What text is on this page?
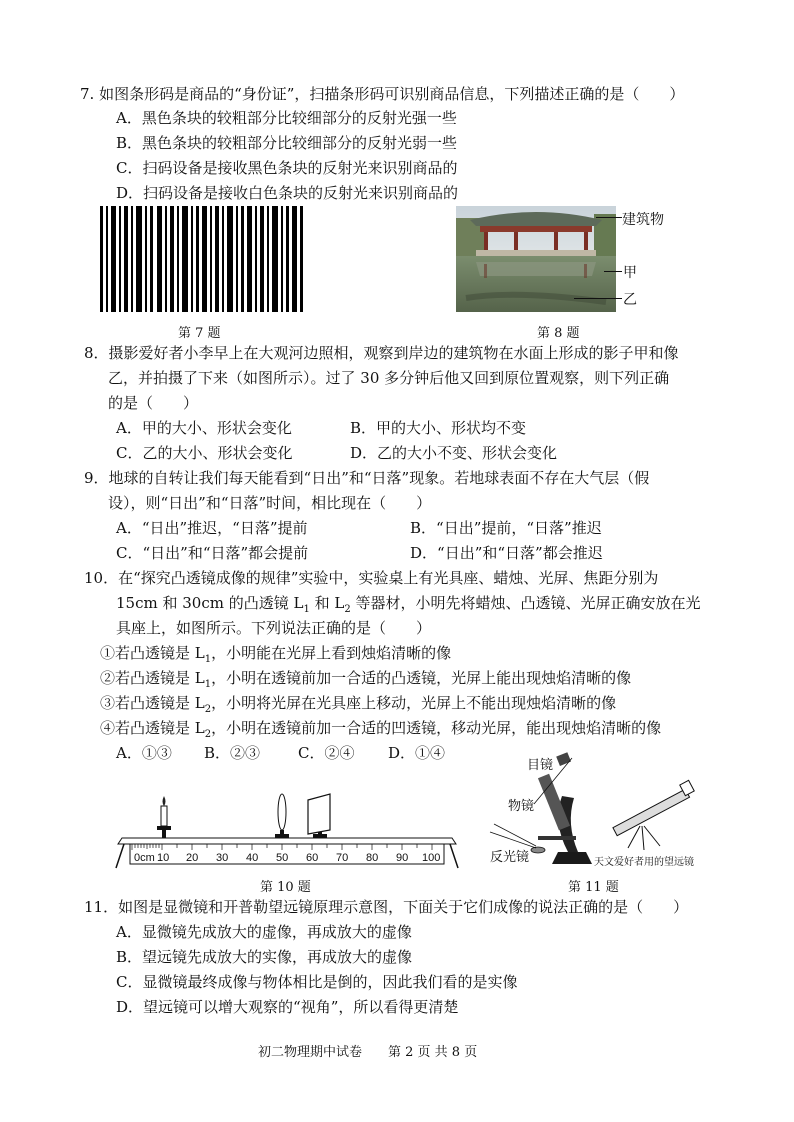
7. 如图条形码是商品的“身份证”，扫描条形码可识别商品信息，下列描述正确的是（　　）
A．黑色条块的较粗部分比较细部分的反射光强一些
B．黑色条块的较粗部分比较细部分的反射光弱一些
C．扫码设备是接收黑色条块的反射光来识别商品的
D．扫码设备是接收白色条块的反射光来识别商品的
第 7 题
建筑物
甲
乙
第 8 题
8．摄影爱好者小李早上在大观河边照相，观察到岸边的建筑物在水面上形成的影子甲和像
乙，并拍摄了下来（如图所示）。过了 30 多分钟后他又回到原位置观察，则下列正确
的是（　　）
A．甲的大小、形状会变化	B．甲的大小、形状均不变
C．乙的大小、形状会变化	D．乙的大小不变、形状会变化
9．地球的自转让我们每天能看到“日出”和“日落”现象。若地球表面不存在大气层（假
设），则“日出”和“日落”时间，相比现在（　　）
A．“日出”推迟，“日落”提前	B．“日出”提前，“日落”推迟
C．“日出”和“日落”都会提前	D．“日出”和“日落”都会推迟
10．在“探究凸透镜成像的规律”实验中，实验桌上有光具座、蜡烛、光屏、焦距分别为
15cm 和 30cm 的凸透镜 $L_1$ 和 $L_2$ 等器材，小明先将蜡烛、凸透镜、光屏正确安放在光
具座上，如图所示。下列说法正确的是（　　）
①若凸透镜是 $L_1$，小明能在光屏上看到烛焰清晰的像
②若凸透镜是 $L_1$，小明在透镜前加一合适的凸透镜，光屏上能出现烛焰清晰的像
③若凸透镜是 $L_2$，小明将光屏在光具座上移动，光屏上不能出现烛焰清晰的像
④若凸透镜是 $L_2$，小明在透镜前加一合适的凹透镜，移动光屏，能出现烛焰清晰的像
A．①③ B．②③	C．②④ D．①④
0cm 10 20 30 40 50 60 70 80 90 100
第 10 题
目镜
物镜
反光镜	天文爱好者用的望远镜
第 11 题
11．如图是显微镜和开普勒望远镜原理示意图，下面关于它们成像的说法正确的是（　　）
A．显微镜先成放大的虚像，再成放大的虚像
B．望远镜先成放大的实像，再成放大的虚像
C．显微镜最终成像与物体相比是倒的，因此我们看的是实像
D．望远镜可以增大观察的“视角”，所以看得更清楚
初二物理期中试卷　　第 2 页 共 8 页
